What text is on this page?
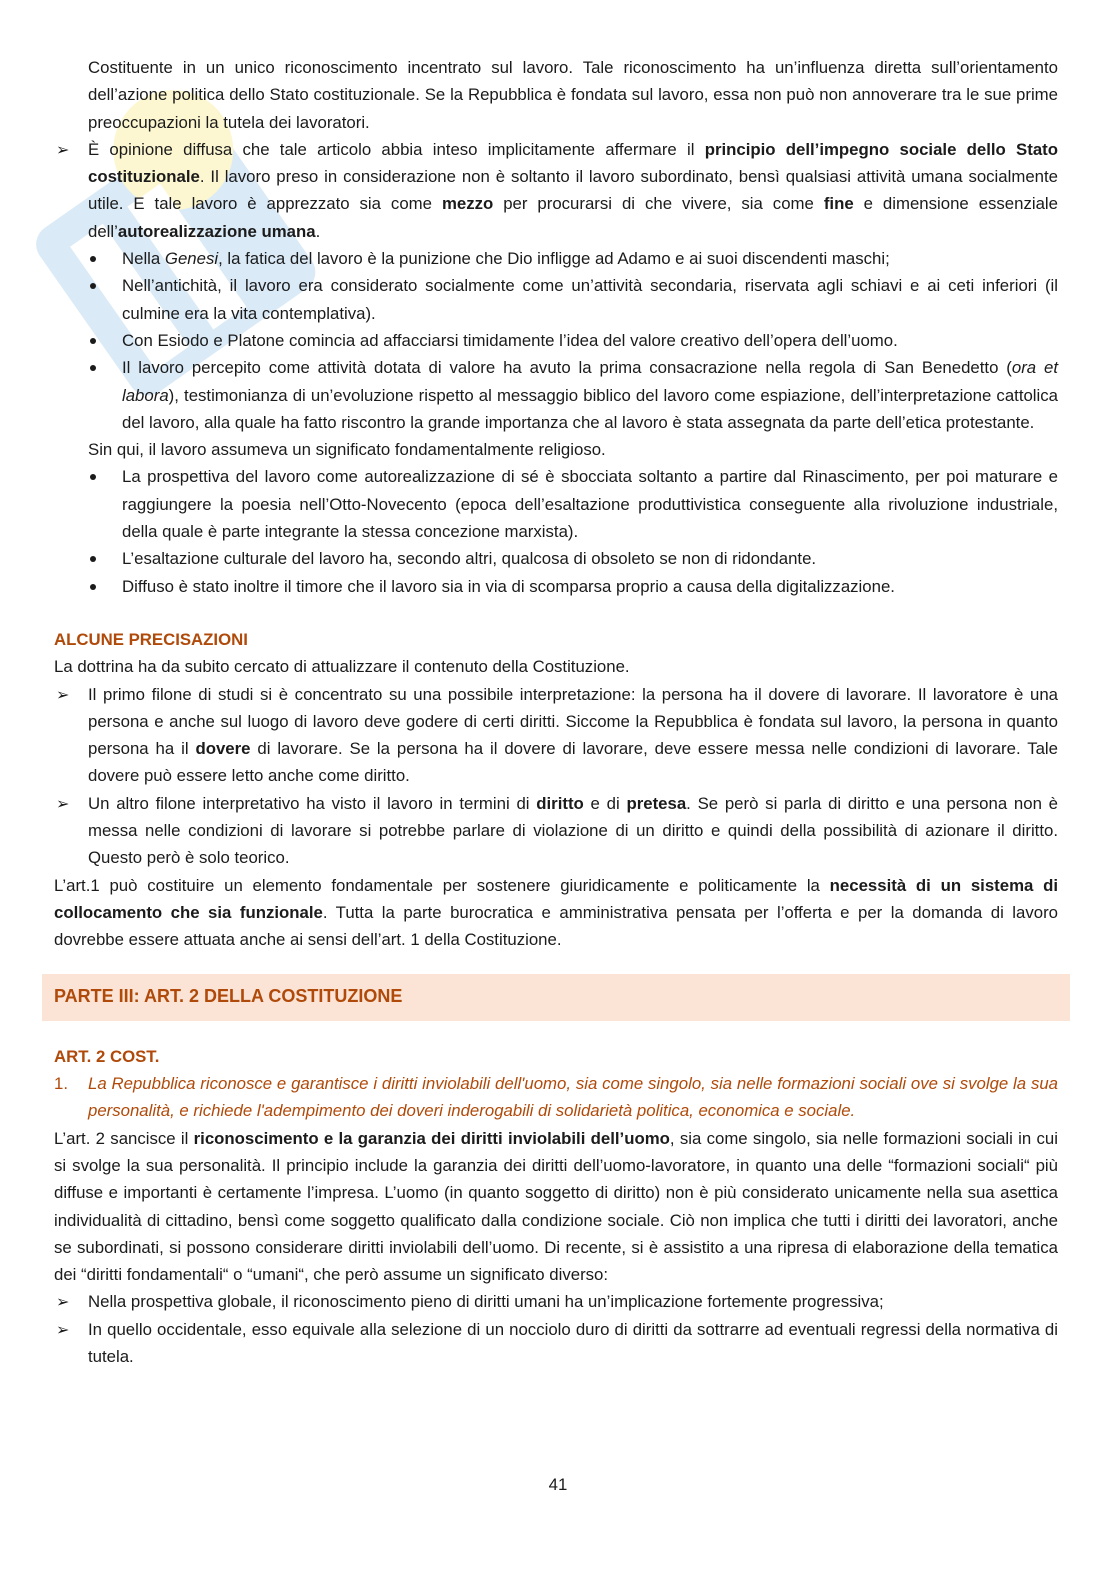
Costituente in un unico riconoscimento incentrato sul lavoro. Tale riconoscimento ha un’influenza diretta sull’orientamento dell’azione politica dello Stato costituzionale. Se la Repubblica è fondata sul lavoro, essa non può non annoverare tra le sue prime preoccupazioni la tutela dei lavoratori.

➢ È opinione diffusa che tale articolo abbia inteso implicitamente affermare il principio dell’impegno sociale dello Stato costituzionale. Il lavoro preso in considerazione non è soltanto il lavoro subordinato, bensì qualsiasi attività umana socialmente utile. E tale lavoro è apprezzato sia come mezzo per procurarsi di che vivere, sia come fine e dimensione essenziale dell’autorealizzazione umana.

Nella Genesi, la fatica del lavoro è la punizione che Dio infligge ad Adamo e ai suoi discendenti maschi;

Nell’antichità, il lavoro era considerato socialmente come un’attività secondaria, riservata agli schiavi e ai ceti inferiori (il culmine era la vita contemplativa).

Con Esiodo e Platone comincia ad affacciarsi timidamente l’idea del valore creativo dell’opera dell’uomo.

Il lavoro percepito come attività dotata di valore ha avuto la prima consacrazione nella regola di San Benedetto (ora et labora), testimonianza di un’evoluzione rispetto al messaggio biblico del lavoro come espiazione, dell’interpretazione cattolica del lavoro, alla quale ha fatto riscontro la grande importanza che al lavoro è stata assegnata da parte dell’etica protestante.

Sin qui, il lavoro assumeva un significato fondamentalmente religioso.

La prospettiva del lavoro come autorealizzazione di sé è sbocciata soltanto a partire dal Rinascimento, per poi maturare e raggiungere la poesia nell’Otto-Novecento (epoca dell’esaltazione produttivistica conseguente alla rivoluzione industriale, della quale è parte integrante la stessa concezione marxista).

L’esaltazione culturale del lavoro ha, secondo altri, qualcosa di obsoleto se non di ridondante.

Diffuso è stato inoltre il timore che il lavoro sia in via di scomparsa proprio a causa della digitalizzazione.

ALCUNE PRECISAZIONI

La dottrina ha da subito cercato di attualizzare il contenuto della Costituzione.

➢ Il primo filone di studi si è concentrato su una possibile interpretazione: la persona ha il dovere di lavorare. Il lavoratore è una persona e anche sul luogo di lavoro deve godere di certi diritti. Siccome la Repubblica è fondata sul lavoro, la persona in quanto persona ha il dovere di lavorare. Se la persona ha il dovere di lavorare, deve essere messa nelle condizioni di lavorare. Tale dovere può essere letto anche come diritto.

➢ Un altro filone interpretativo ha visto il lavoro in termini di diritto e di pretesa. Se però si parla di diritto e una persona non è messa nelle condizioni di lavorare si potrebbe parlare di violazione di un diritto e quindi della possibilità di azionare il diritto. Questo però è solo teorico.

L’art.1 può costituire un elemento fondamentale per sostenere giuridicamente e politicamente la necessità di un sistema di collocamento che sia funzionale. Tutta la parte burocratica e amministrativa pensata per l’offerta e per la domanda di lavoro dovrebbe essere attuata anche ai sensi dell’art. 1 della Costituzione.

PARTE III: ART. 2 DELLA COSTITUZIONE

ART. 2 COST.

1. La Repubblica riconosce e garantisce i diritti inviolabili dell'uomo, sia come singolo, sia nelle formazioni sociali ove si svolge la sua personalità, e richiede l'adempimento dei doveri inderogabili di solidarietà politica, economica e sociale.

L’art. 2 sancisce il riconoscimento e la garanzia dei diritti inviolabili dell’uomo, sia come singolo, sia nelle formazioni sociali in cui si svolge la sua personalità. Il principio include la garanzia dei diritti dell’uomo-lavoratore, in quanto una delle “formazioni sociali“ più diffuse e importanti è certamente l’impresa. L’uomo (in quanto soggetto di diritto) non è più considerato unicamente nella sua asettica individualità di cittadino, bensì come soggetto qualificato dalla condizione sociale. Ciò non implica che tutti i diritti dei lavoratori, anche se subordinati, si possono considerare diritti inviolabili dell’uomo. Di recente, si è assistito a una ripresa di elaborazione della tematica dei “diritti fondamentali“ o “umani“, che però assume un significato diverso:

➢ Nella prospettiva globale, il riconoscimento pieno di diritti umani ha un’implicazione fortemente progressiva;

➢ In quello occidentale, esso equivale alla selezione di un nocciolo duro di diritti da sottrarre ad eventuali regressi della normativa di tutela.

41
